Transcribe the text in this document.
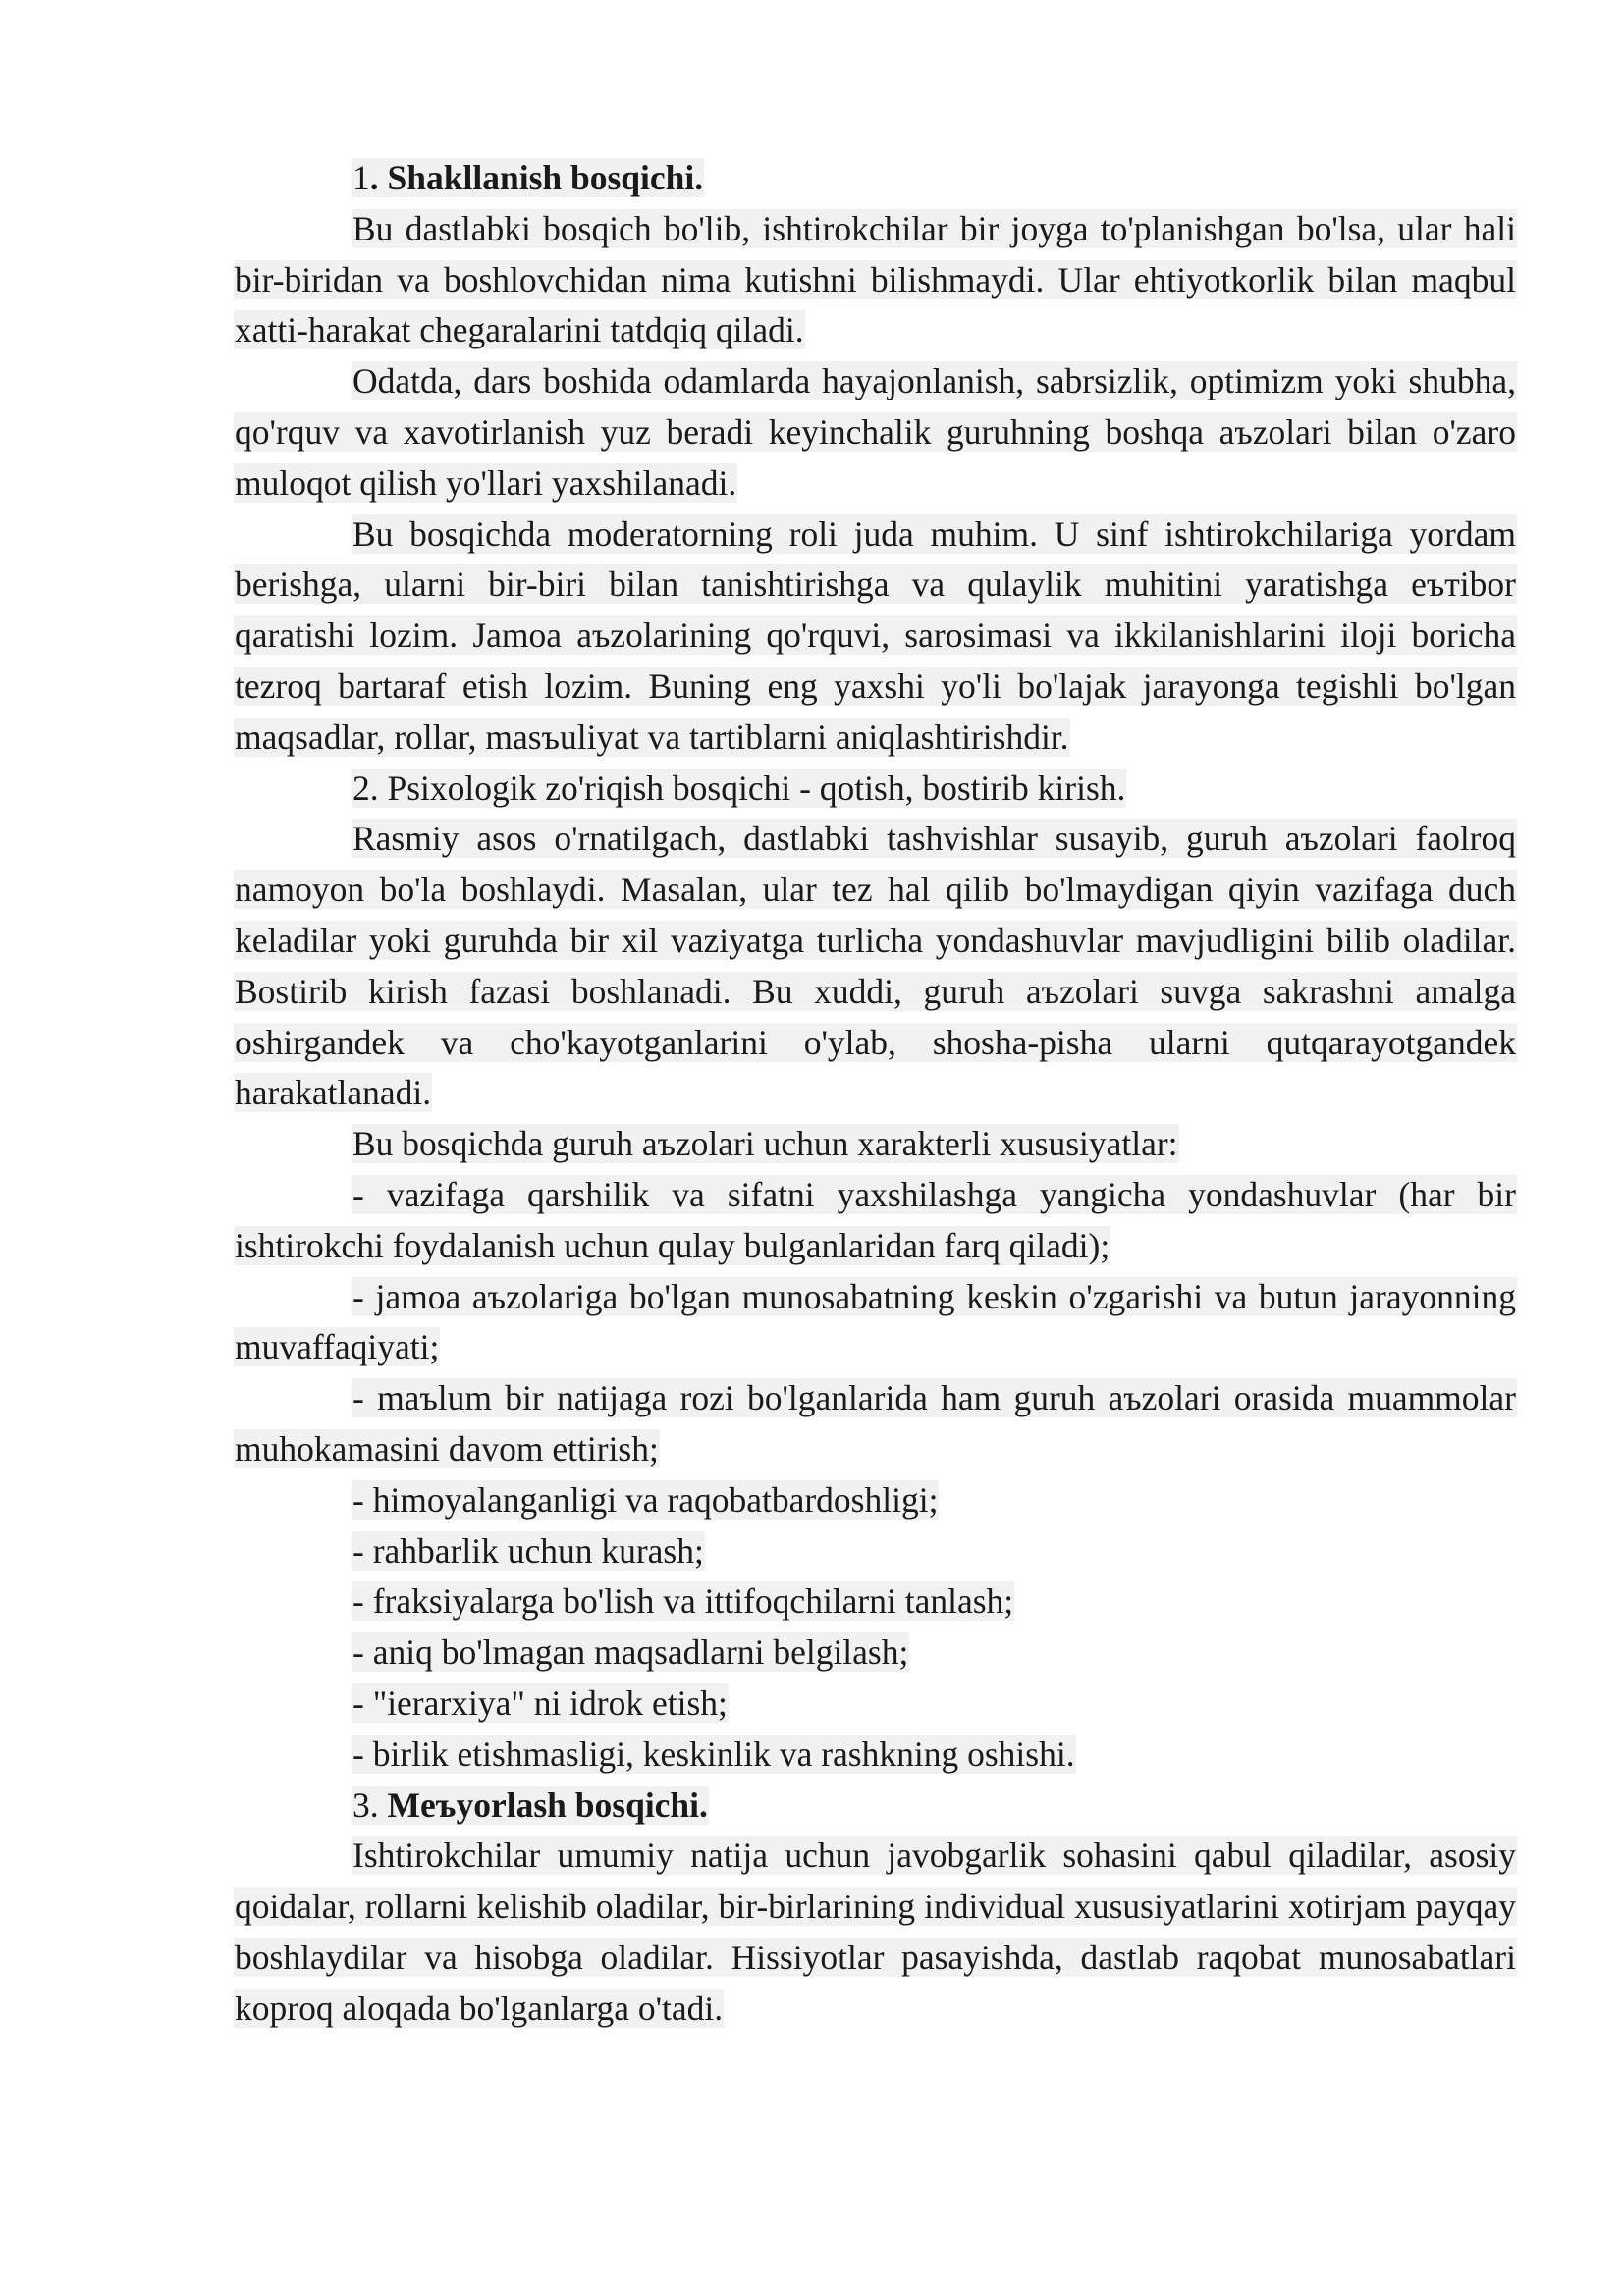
1. Shakllanish bosqichi.

Bu dastlabki bosqich bo'lib, ishtirokchilar bir joyga to'planishgan bo'lsa, ular hali bir-biridan va boshlovchidan nima kutishni bilishmaydi. Ular ehtiyotkorlik bilan maqbul xatti-harakat chegaralarini tatdqiq qiladi.

Odatda, dars boshida odamlarda hayajonlanish, sabrsizlik, optimizm yoki shubha, qo'rquv va xavotirlanish yuz beradi keyinchalik guruhning boshqa aъzolari bilan o'zaro muloqot qilish yo'llari yaxshilanadi.

Bu bosqichda moderatorning roli juda muhim. U sinf ishtirokchilariga yordam berishga, ularni bir-biri bilan tanishtirishga va qulaylik muhitini yaratishga eътibor qaratishi lozim. Jamoa aъzolarining qo'rquvi, sarosimasi va ikkilanishlarini iloji boricha tezroq bartaraf etish lozim. Buning eng yaxshi yo'li bo'lajak jarayonga tegishli bo'lgan maqsadlar, rollar, masъuliyat va tartiblarni aniqlashtirishdir.

2. Psixologik zo'riqish bosqichi - qotish, bostirib kirish.

Rasmiy asos o'rnatilgach, dastlabki tashvishlar susayib, guruh aъzolari faolroq namoyon bo'la boshlaydi. Masalan, ular tez hal qilib bo'lmaydigan qiyin vazifaga duch keladilar yoki guruhda bir xil vaziyatga turlicha yondashuvlar mavjudligini bilib oladilar. Bostirib kirish fazasi boshlanadi. Bu xuddi, guruh aъzolari suvga sakrashni amalga oshirgandek va cho'kayotganlarini o'ylab, shosha-pisha ularni qutqarayotgandek harakatlanadi.

Bu bosqichda guruh aъzolari uchun xarakterli xususiyatlar:

- vazifaga qarshilik va sifatni yaxshilashga yangicha yondashuvlar (har bir ishtirokchi foydalanish uchun qulay bulganlaridan farq qiladi);

- jamoa aъzolariga bo'lgan munosabatning keskin o'zgarishi va butun jarayonning muvaffaqiyati;

- maъlum bir natijaga rozi bo'lganlarida ham guruh aъzolari orasida muammolar muhokamasini davom ettirish;

- himoyalanganligi va raqobatbardoshligi;

- rahbarlik uchun kurash;

- fraksiyalarga bo'lish va ittifoqchilarni tanlash;

- aniq bo'lmagan maqsadlarni belgilash;

- "ierarxiya" ni idrok etish;

- birlik etishmasligi, keskinlik va rashkning oshishi.

3. Meъyorlash bosqichi.

Ishtirokchilar umumiy natija uchun javobgarlik sohasini qabul qiladilar, asosiy qoidalar, rollarni kelishib oladilar, bir-birlarining individual xususiyatlarini xotirjam payqay boshlaydilar va hisobga oladilar. Hissiyotlar pasayishda, dastlab raqobat munosabatlari koproq aloqada bo'lganlarga o'tadi.
